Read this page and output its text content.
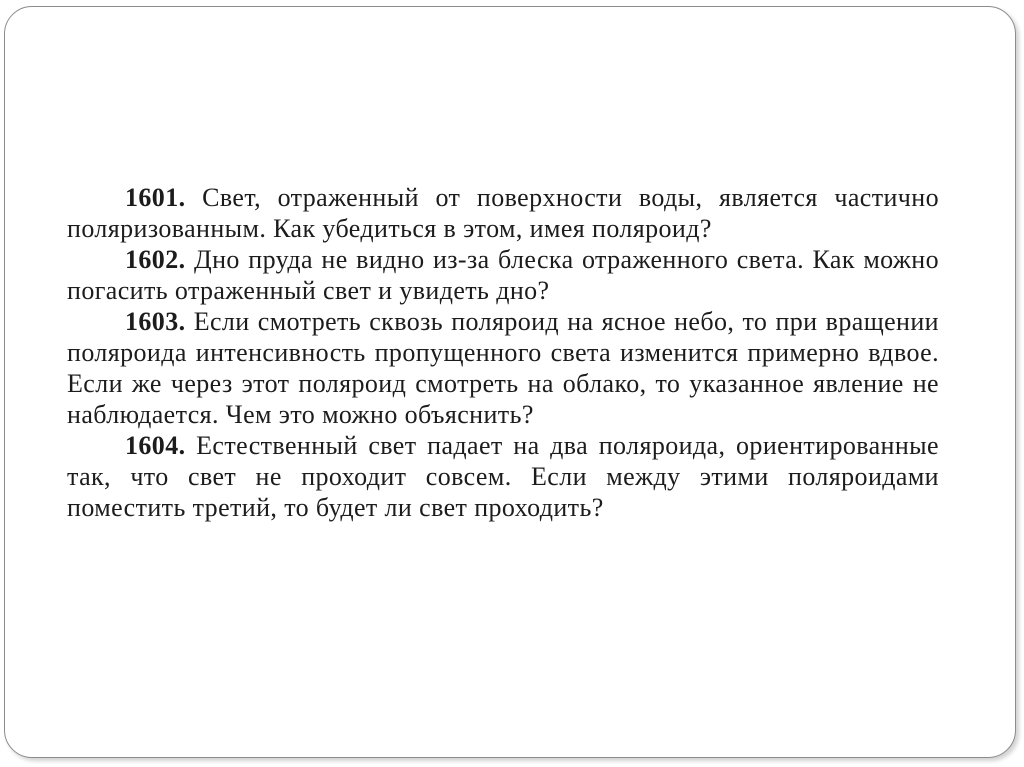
1601. Свет, отраженный от поверхности воды, является частично поляризованным. Как убедиться в этом, имея поляроид?

1602. Дно пруда не видно из-за блеска отраженного света. Как можно погасить отраженный свет и увидеть дно?

1603. Если смотреть сквозь поляроид на ясное небо, то при вращении поляроида интенсивность пропущенного света изменится примерно вдвое. Если же через этот поляроид смотреть на облако, то указанное явление не наблюдается. Чем это можно объяснить?

1604. Естественный свет падает на два поляроида, ориентированные так, что свет не проходит совсем. Если между этими поляроидами поместить третий, то будет ли свет проходить?
